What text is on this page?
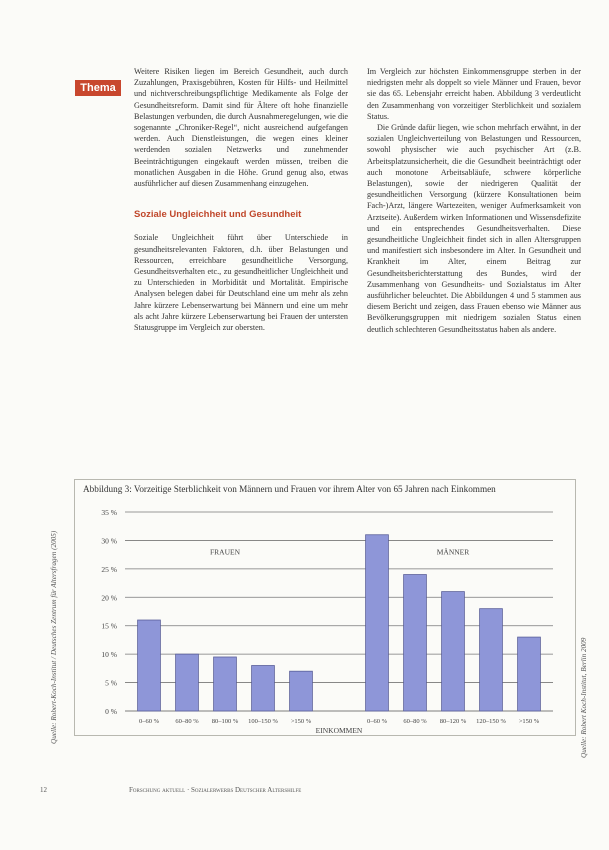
Thema

Weitere Risiken liegen im Bereich Gesundheit, auch durch Zuzahlungen, Praxisgebühren, Kosten für Hilfs- und Heilmittel und nichtverschreibungspflichtige Medikamente als Folge der Gesundheitsreform. Damit sind für Ältere oft hohe finanzielle Belastungen verbunden, die durch Ausnahmeregelungen, wie die sogenannte „Chroniker-Regel“, nicht ausreichend aufgefangen werden. Auch Dienstleistungen, die wegen eines kleiner werdenden sozialen Netzwerks und zunehmender Beeinträchtigungen eingekauft werden müssen, treiben die monatlichen Ausgaben in die Höhe. Grund genug also, etwas ausführlicher auf diesen Zusammenhang einzugehen.

Soziale Ungleichheit und Gesundheit

Soziale Ungleichheit führt über Unterschiede in gesundheitsrelevanten Faktoren, d.h. über Belastungen und Ressourcen, erreichbare gesundheitliche Versorgung, Gesundheitsverhalten etc., zu gesundheitlicher Ungleichheit und zu Unterschieden in Morbidität und Mortalität. Empirische Analysen belegen dabei für Deutschland eine um mehr als zehn Jahre kürzere Lebenserwartung bei Männern und eine um mehr als acht Jahre kürzere Lebenserwartung bei Frauen der untersten Statusgruppe im Vergleich zur obersten.

Im Vergleich zur höchsten Einkommensgruppe sterben in der niedrigsten mehr als doppelt so viele Männer und Frauen, bevor sie das 65. Lebensjahr erreicht haben. Abbildung 3 verdeutlicht den Zusammenhang von vorzeitiger Sterblichkeit und sozialem Status.

Die Gründe dafür liegen, wie schon mehrfach erwähnt, in der sozialen Ungleichverteilung von Belastungen und Ressourcen, sowohl physischer wie auch psychischer Art (z.B. Arbeitsplatzunsicherheit, die die Gesundheit beeinträchtigt oder auch monotone Arbeitsabläufe, schwere körperliche Belastungen), sowie der niedrigeren Qualität der gesundheitlichen Versorgung (kürzere Konsultationen beim Fach-)Arzt, längere Wartezeiten, weniger Aufmerksamkeit von Arztseite). Außerdem wirken Informationen und Wissensdefizite und ein entsprechendes Gesundheitsverhalten. Diese gesundheitliche Ungleichheit findet sich in allen Altersgruppen und manifestiert sich insbesondere im Alter. In Gesundheit und Krankheit im Alter, einem Beitrag zur Gesundheitsberichterstattung des Bundes, wird der Zusammenhang von Gesundheits- und Sozialstatus im Alter ausführlicher beleuchtet. Die Abbildungen 4 und 5 stammen aus diesem Bericht und zeigen, dass Frauen ebenso wie Männer aus Bevölkerungsgruppen mit niedrigem sozialen Status einen deutlich schlechteren Gesundheitsstatus haben als andere.

Quelle: Robert-Koch-Institut / Deutsches Zentrum für Altersfragen (2005)
Abbildung 3: Vorzeitige Sterblichkeit von Männern und Frauen vor ihrem Alter von 65 Jahren nach Einkommen
0 %
5 %
10 %
15 %
20 %
25 %
30 %
35 %
0–60 %	60–80 % 80–100 % 100–150 % >150 %
FRAUEN
0–60 %	60–80 % 80–120 % 120–150 % >150 %
MÄNNER
EINKOMMEN	Quelle: Robert Koch-Institut, Berlin 2009
12	Forschung aktuell · Sozialerwerbs Deutscher Altershilfe
